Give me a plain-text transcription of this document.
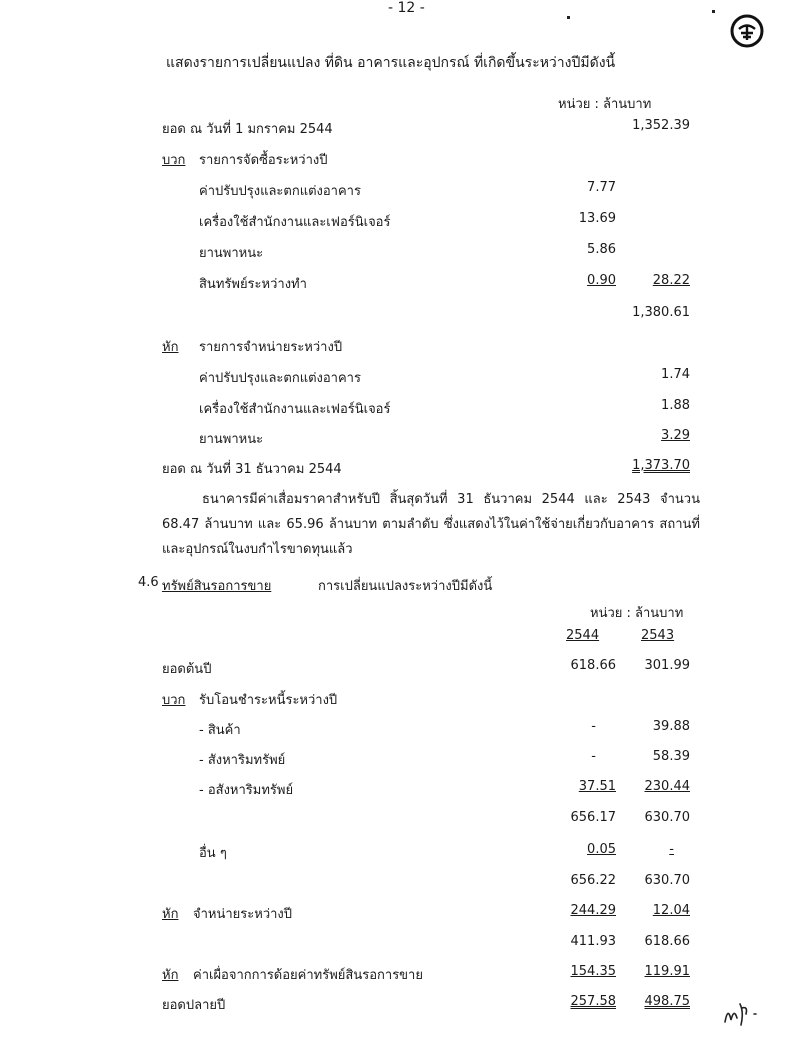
- 12 -
แสดงรายการเปลี่ยนแปลง ที่ดิน อาคารและอุปกรณ์ ที่เกิดขึ้นระหว่างปีมีดังนี้
หน่วย : ล้านบาท
ยอด ณ วันที่ 1 มกราคม 2544	1,352.39
บวก รายการจัดซื้อระหว่างปี
ค่าปรับปรุงและตกแต่งอาคาร	7.77
เครื่องใช้สำนักงานและเฟอร์นิเจอร์	13.69
ยานพาหนะ	5.86
สินทรัพย์ระหว่างทำ	0.90	28.22
1,380.61
หัก รายการจำหน่ายระหว่างปี
ค่าปรับปรุงและตกแต่งอาคาร	1.74
เครื่องใช้สำนักงานและเฟอร์นิเจอร์	1.88
ยานพาหนะ	3.29
ยอด ณ วันที่ 31 ธันวาคม 2544	1,373.70
ธนาคารมีค่าเสื่อมราคาสำหรับปี สิ้นสุดวันที่ 31 ธันวาคม 2544 และ 2543 จำนวน 68.47 ล้านบาท และ 65.96 ล้านบาท ตามลำดับ ซึ่งแสดงไว้ในค่าใช้จ่ายเกี่ยวกับอาคาร สถานที่ และอุปกรณ์ในงบกำไรขาดทุนแล้ว
4.6 ทรัพย์สินรอการขาย	การเปลี่ยนแปลงระหว่างปีมีดังนี้
หน่วย : ล้านบาท
2544	2543
ยอดต้นปี	618.66	301.99
บวก รับโอนชำระหนี้ระหว่างปี
- สินค้า	-	39.88
- สังหาริมทรัพย์	-	58.39
- อสังหาริมทรัพย์	37.51	230.44
656.17	630.70
อื่น ๆ	0.05	-
656.22	630.70
หัก จำหน่ายระหว่างปี	244.29	12.04
411.93	618.66
หัก ค่าเผื่อจากการด้อยค่าทรัพย์สินรอการขาย	154.35	119.91
ยอดปลายปี	257.58	498.75
